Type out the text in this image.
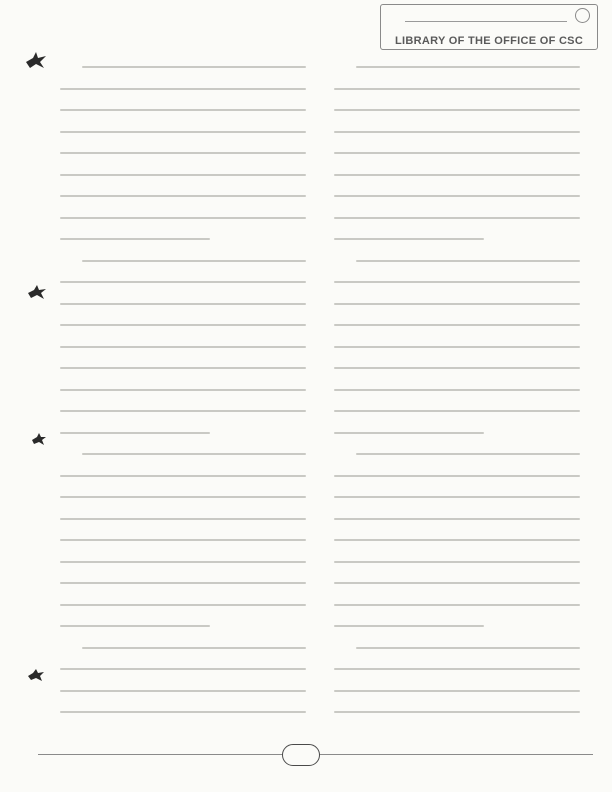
LIBRARY OF THE OFFICE OF CSC
